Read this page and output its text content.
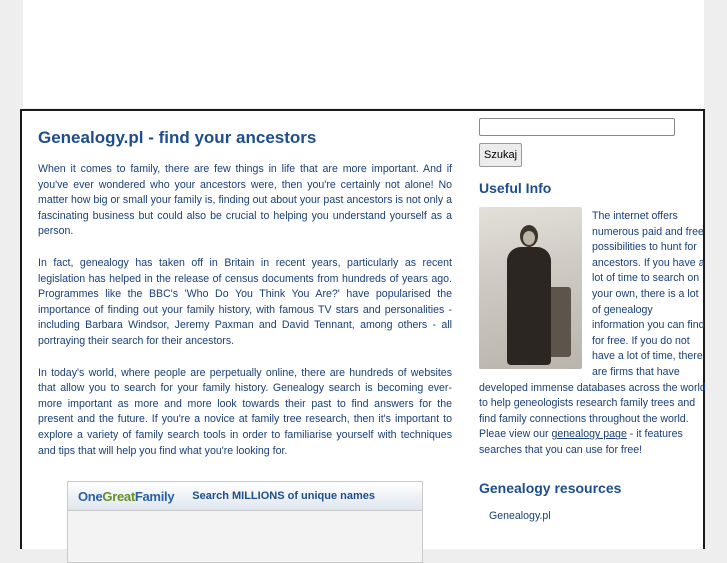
Genealogy.pl - find your ancestors

When it comes to family, there are few things in life that are more important. And if you've ever wondered who your ancestors were, then you're certainly not alone! No matter how big or small your family is, finding out about your past ancestors is not only a fascinating business but could also be crucial to helping you understand yourself as a person.

In fact, genealogy has taken off in Britain in recent years, particularly as recent legislation has helped in the release of census documents from hundreds of years ago. Programmes like the BBC's 'Who Do You Think You Are?' have popularised the importance of finding out your family history, with famous TV stars and personalities - including Barbara Windsor, Jeremy Paxman and David Tennant, among others - all portraying their search for their ancestors.

In today's world, where people are perpetually online, there are hundreds of websites that allow you to search for your family history. Genealogy search is becoming ever-more important as more and more look towards their past to find answers for the present and the future. If you're a novice at family tree research, then it's important to explore a variety of family search tools in order to familiarise yourself with techniques and tips that will help you find what you're looking for.

OneGreatFamily Search MILLIONS of unique names
Szukaj
Useful Info
The internet offers numerous paid and free possibilities to hunt for ancestors. If you have a lot of time to search on your own, there is a lot of genealogy information you can find for free. If you do not have a lot of time, there are firms that have developed immense databases across the world to help geneologists research family trees and find family connections throughout the world. Pleae view our genealogy page - it features searches that you can use for free!
Genealogy resources
Genealogy.pl
